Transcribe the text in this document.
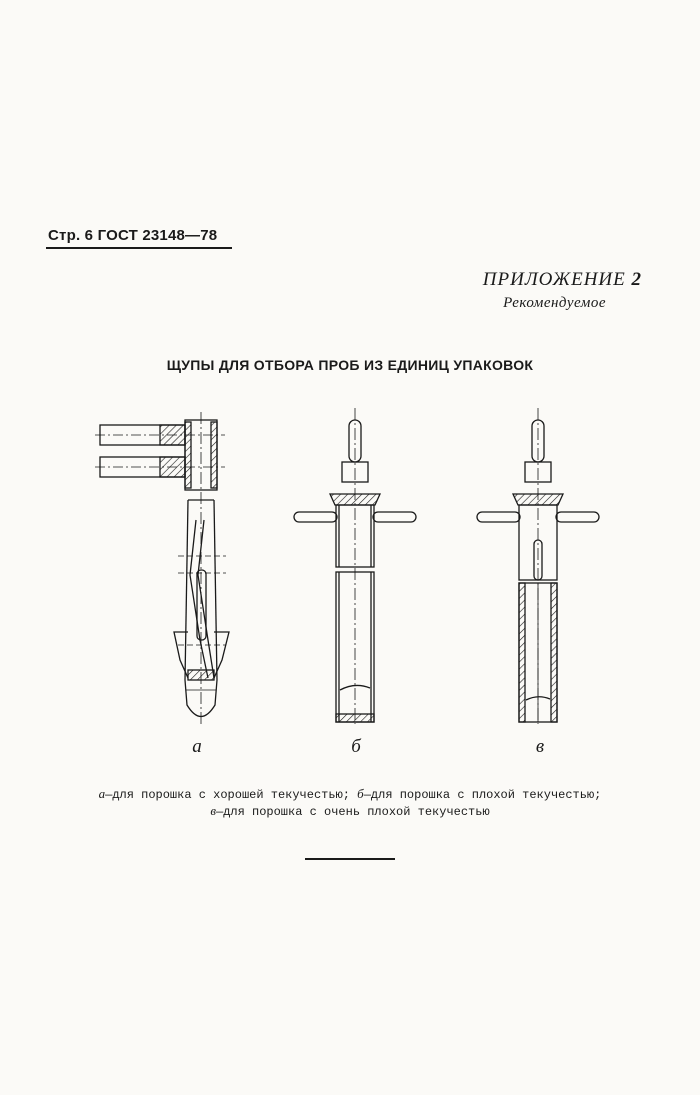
Стр. 6 ГОСТ 23148—78
ПРИЛОЖЕНИЕ 2
Рекомендуемое
ЩУПЫ ДЛЯ ОТБОРА ПРОБ ИЗ ЕДИНИЦ УПАКОВОК
а	б	в
а—для порошка с хорошей текучестью; б—для порошка с плохой текучестью;
в—для порошка с очень плохой текучестью
